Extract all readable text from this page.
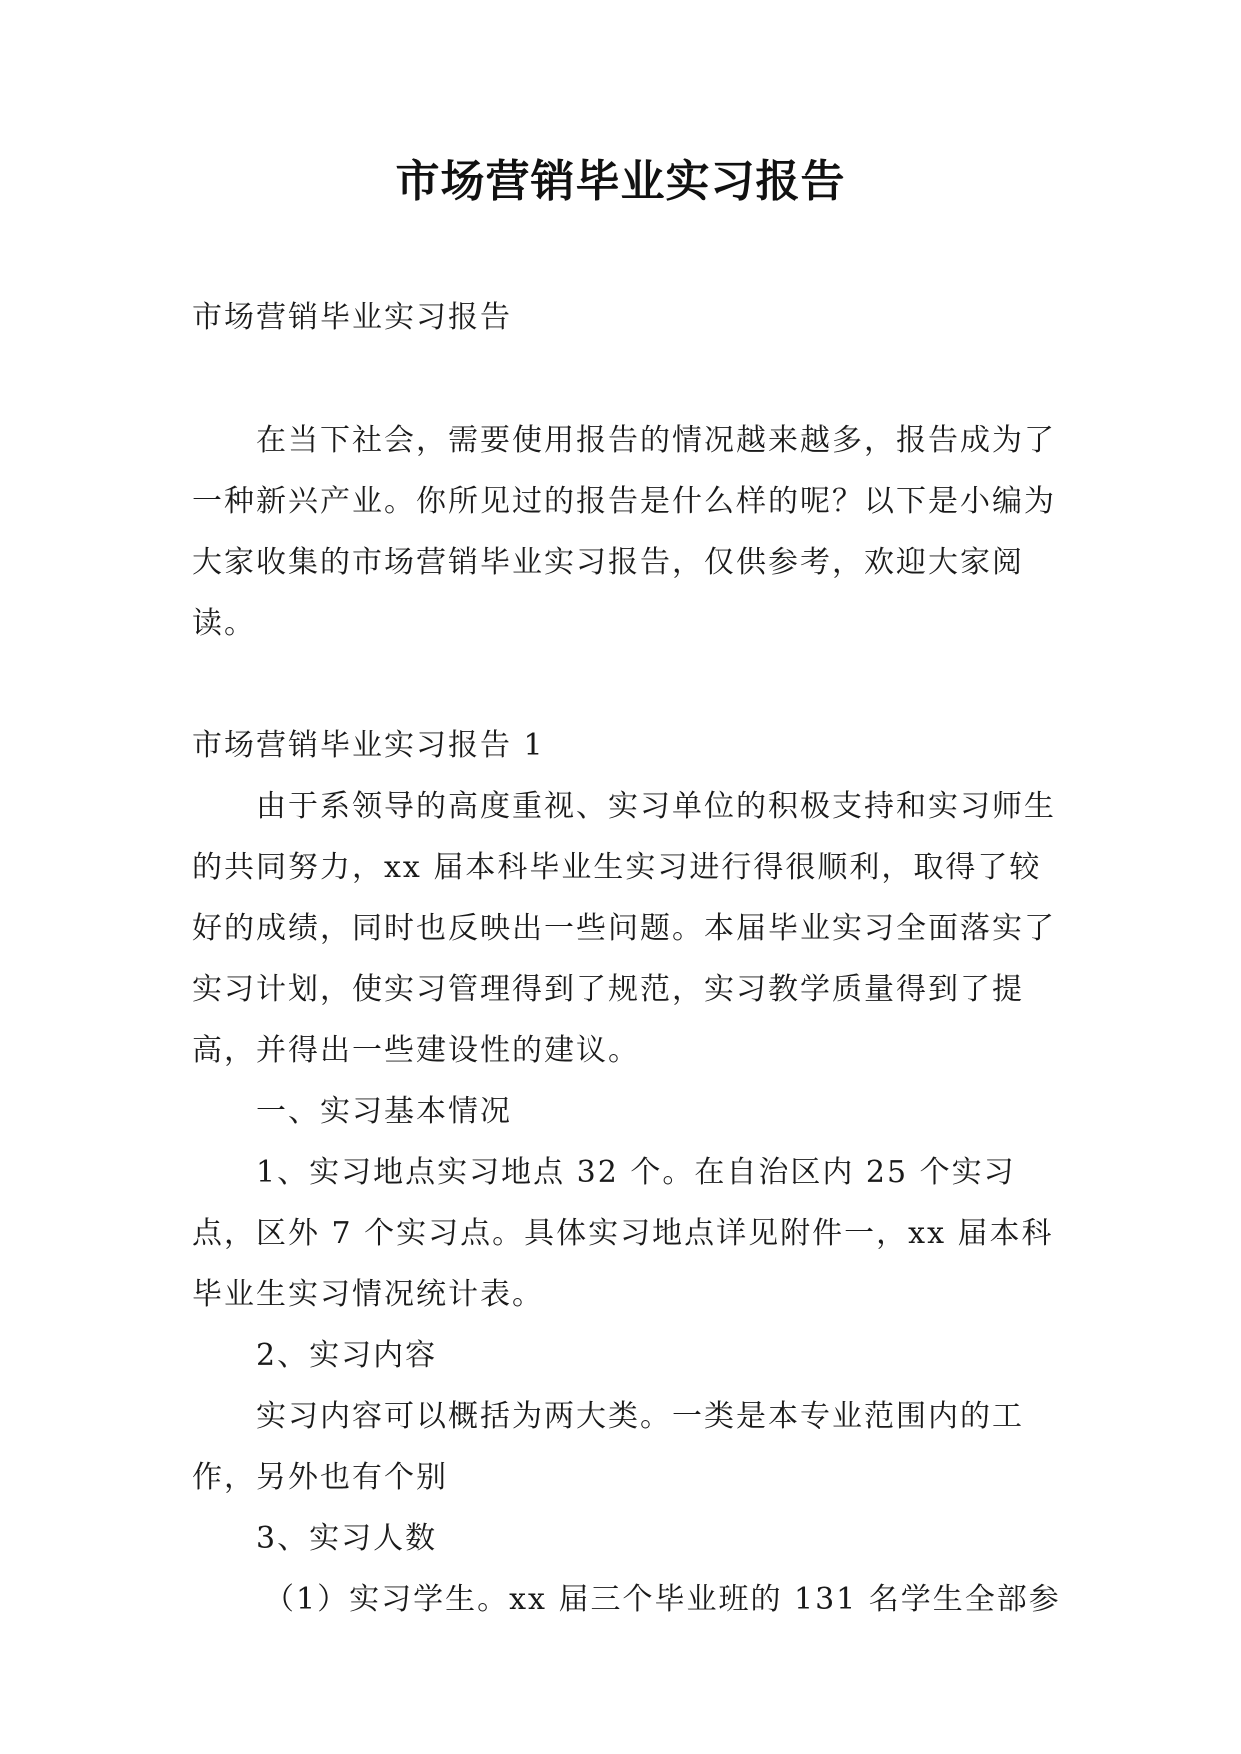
市场营销毕业实习报告

市场营销毕业实习报告

在当下社会，需要使用报告的情况越来越多，报告成为了一种新兴产业。你所见过的报告是什么样的呢？以下是小编为大家收集的市场营销毕业实习报告，仅供参考，欢迎大家阅读。

市场营销毕业实习报告 1

由于系领导的高度重视、实习单位的积极支持和实习师生的共同努力，xx 届本科毕业生实习进行得很顺利，取得了较好的成绩，同时也反映出一些问题。本届毕业实习全面落实了实习计划，使实习管理得到了规范，实习教学质量得到了提高，并得出一些建设性的建议。

一、实习基本情况

1、实习地点实习地点 32 个。在自治区内 25 个实习点，区外 7 个实习点。具体实习地点详见附件一，xx 届本科毕业生实习情况统计表。

2、实习内容

实习内容可以概括为两大类。一类是本专业范围内的工作，另外也有个别

3、实习人数

（1）实习学生。xx 届三个毕业班的 131 名学生全部参
